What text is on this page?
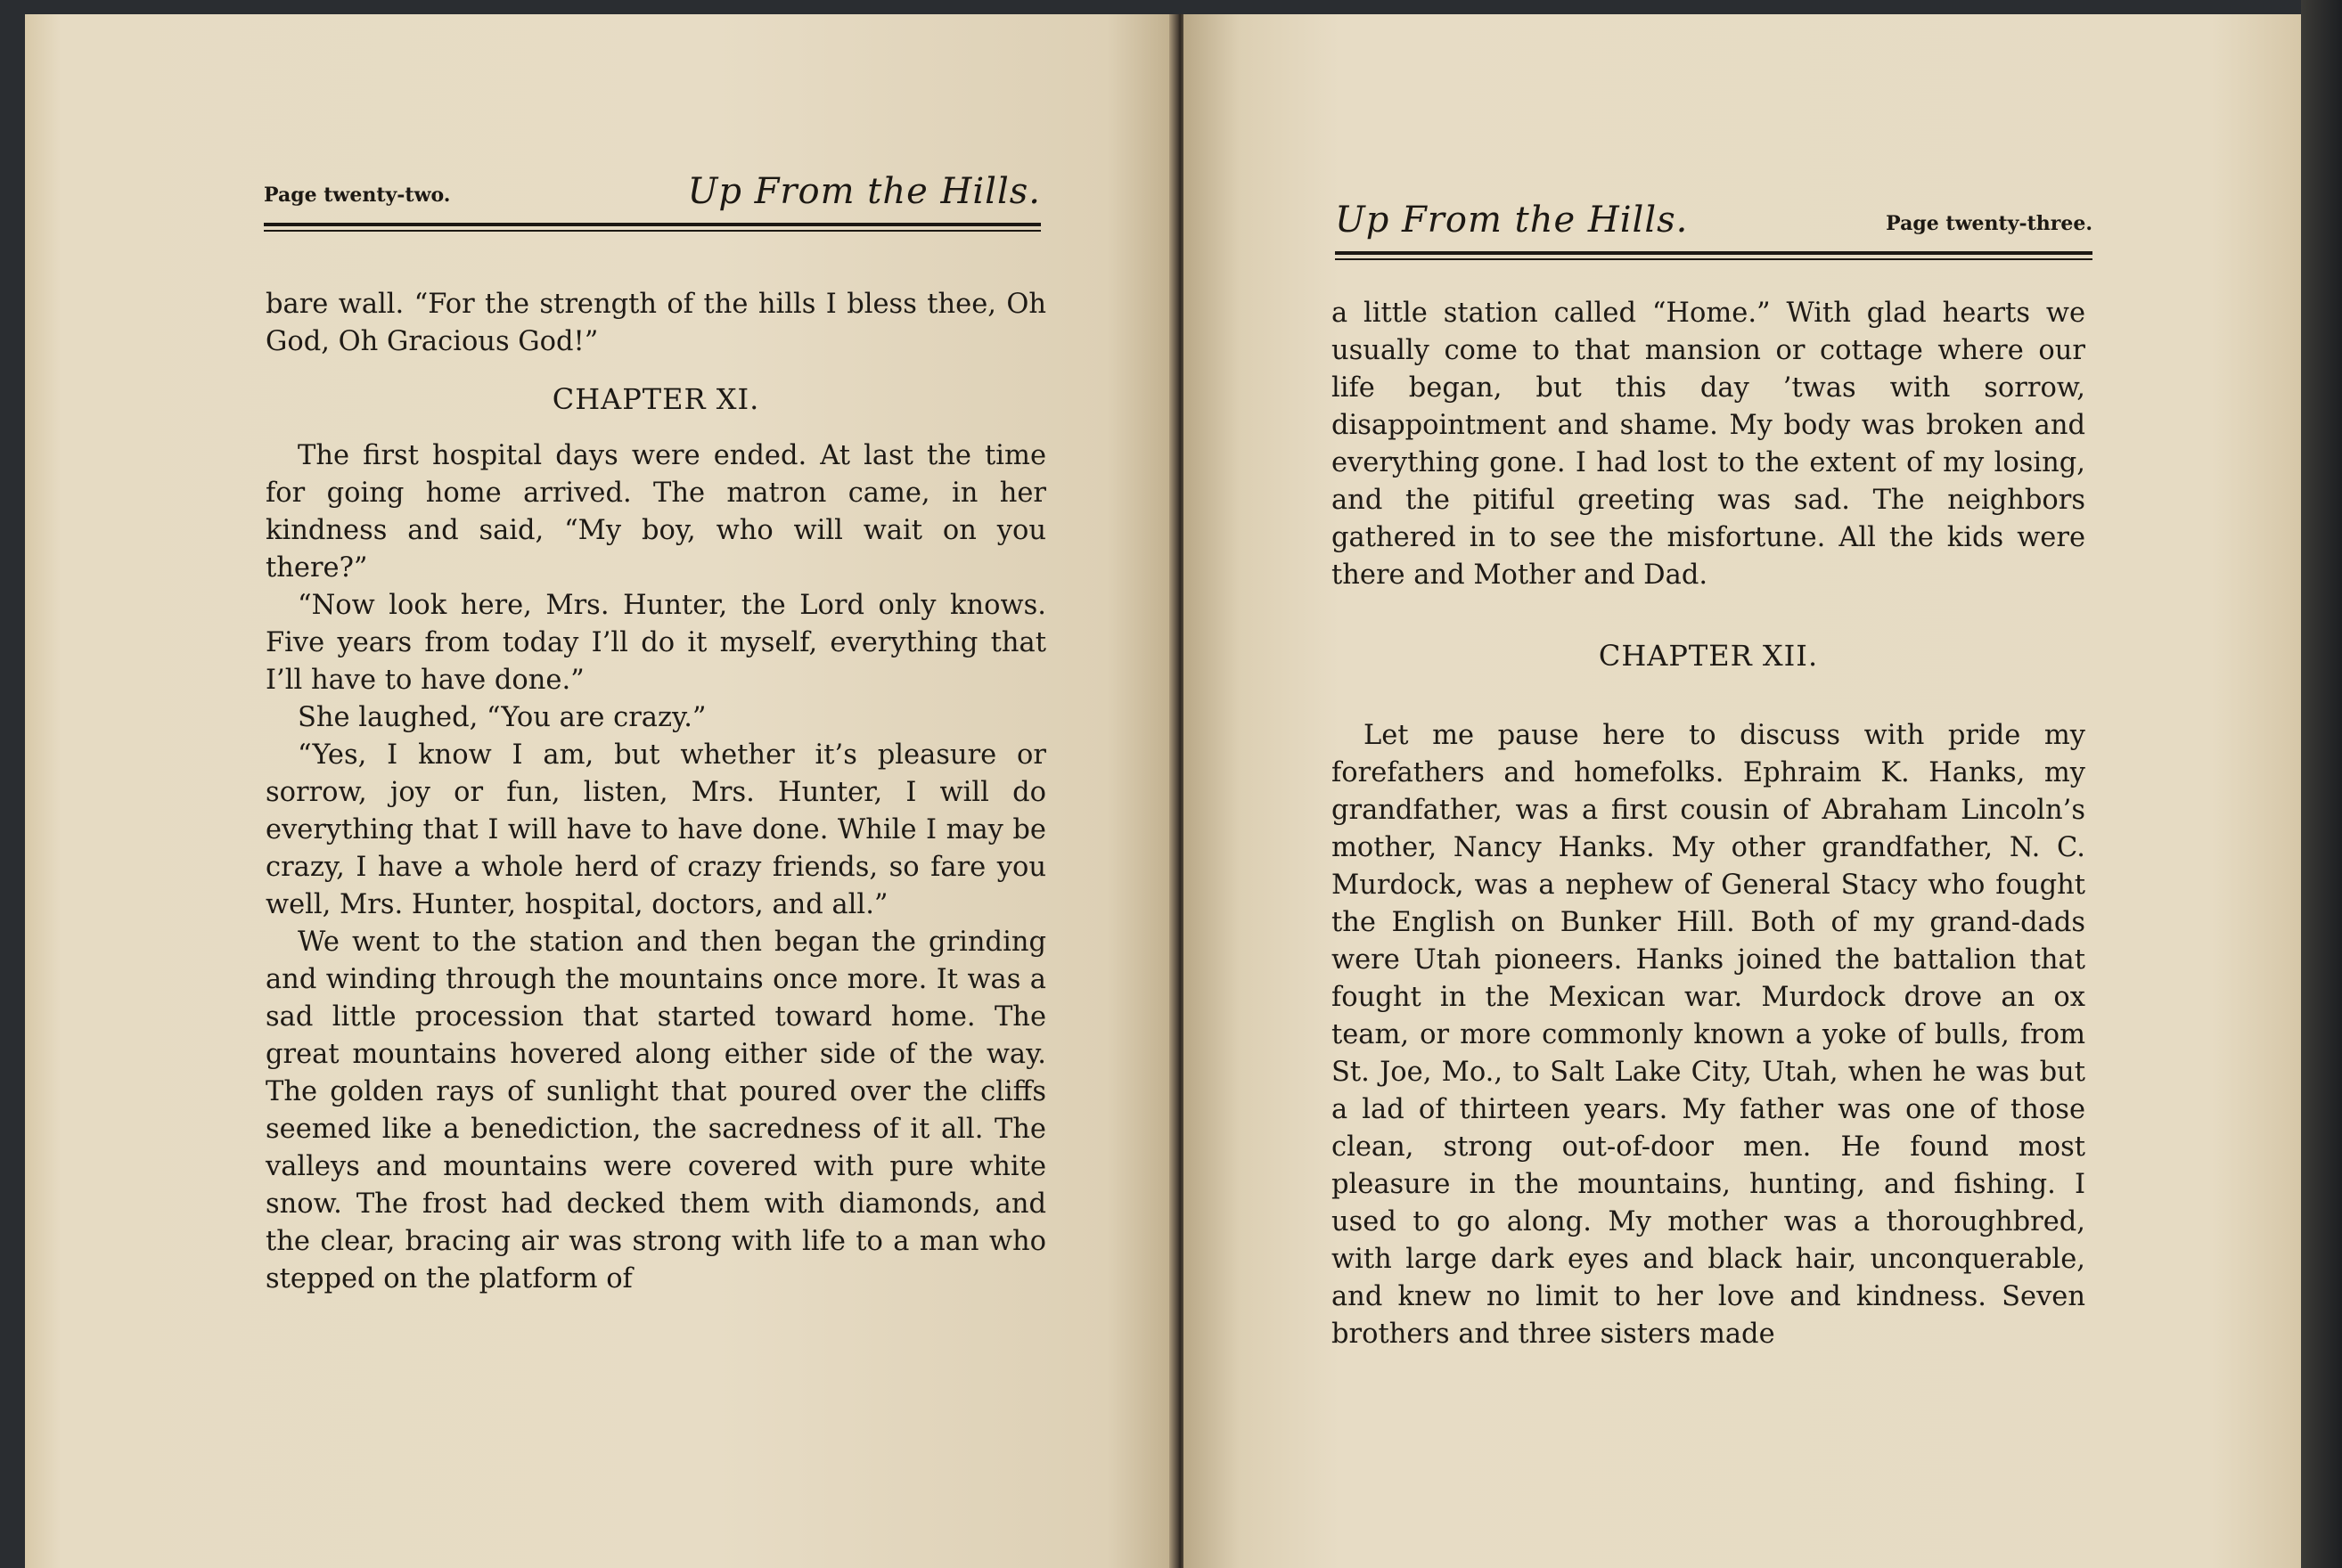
Page twenty-two.	Up From the Hills.

bare wall. “For the strength of the hills I bless thee, Oh God, Oh Gracious God!”

CHAPTER XI.

The first hospital days were ended. At last the time for going home arrived. The matron came, in her kindness and said, “My boy, who will wait on you there?”

“Now look here, Mrs. Hunter, the Lord only knows. Five years from today I’ll do it myself, everything that I’ll have to have done.”

She laughed, “You are crazy.”

“Yes, I know I am, but whether it’s pleasure or sorrow, joy or fun, listen, Mrs. Hunter, I will do everything that I will have to have done. While I may be crazy, I have a whole herd of crazy friends, so fare you well, Mrs. Hunter, hospital, doctors, and all.”

We went to the station and then began the grinding and winding through the mountains once more. It was a sad little procession that started toward home. The great mountains hovered along either side of the way. The golden rays of sunlight that poured over the cliffs seemed like a benediction, the sacredness of it all. The valleys and mountains were covered with pure white snow. The frost had decked them with diamonds, and the clear, bracing air was strong with life to a man who stepped on the platform of

Up From the Hills.	Page twenty-three.

a little station called “Home.” With glad hearts we usually come to that mansion or cottage where our life began, but this day ’twas with sorrow, disappointment and shame. My body was broken and everything gone. I had lost to the extent of my losing, and the pitiful greeting was sad. The neighbors gathered in to see the misfortune. All the kids were there and Mother and Dad.

CHAPTER XII.

Let me pause here to discuss with pride my forefathers and homefolks. Ephraim K. Hanks, my grandfather, was a first cousin of Abraham Lincoln’s mother, Nancy Hanks. My other grandfather, N. C. Murdock, was a nephew of General Stacy who fought the English on Bunker Hill. Both of my grand-dads were Utah pioneers. Hanks joined the battalion that fought in the Mexican war. Murdock drove an ox team, or more commonly known a yoke of bulls, from St. Joe, Mo., to Salt Lake City, Utah, when he was but a lad of thirteen years. My father was one of those clean, strong out-of-door men. He found most pleasure in the mountains, hunting, and fishing. I used to go along. My mother was a thoroughbred, with large dark eyes and black hair, unconquerable, and knew no limit to her love and kindness. Seven brothers and three sisters made
